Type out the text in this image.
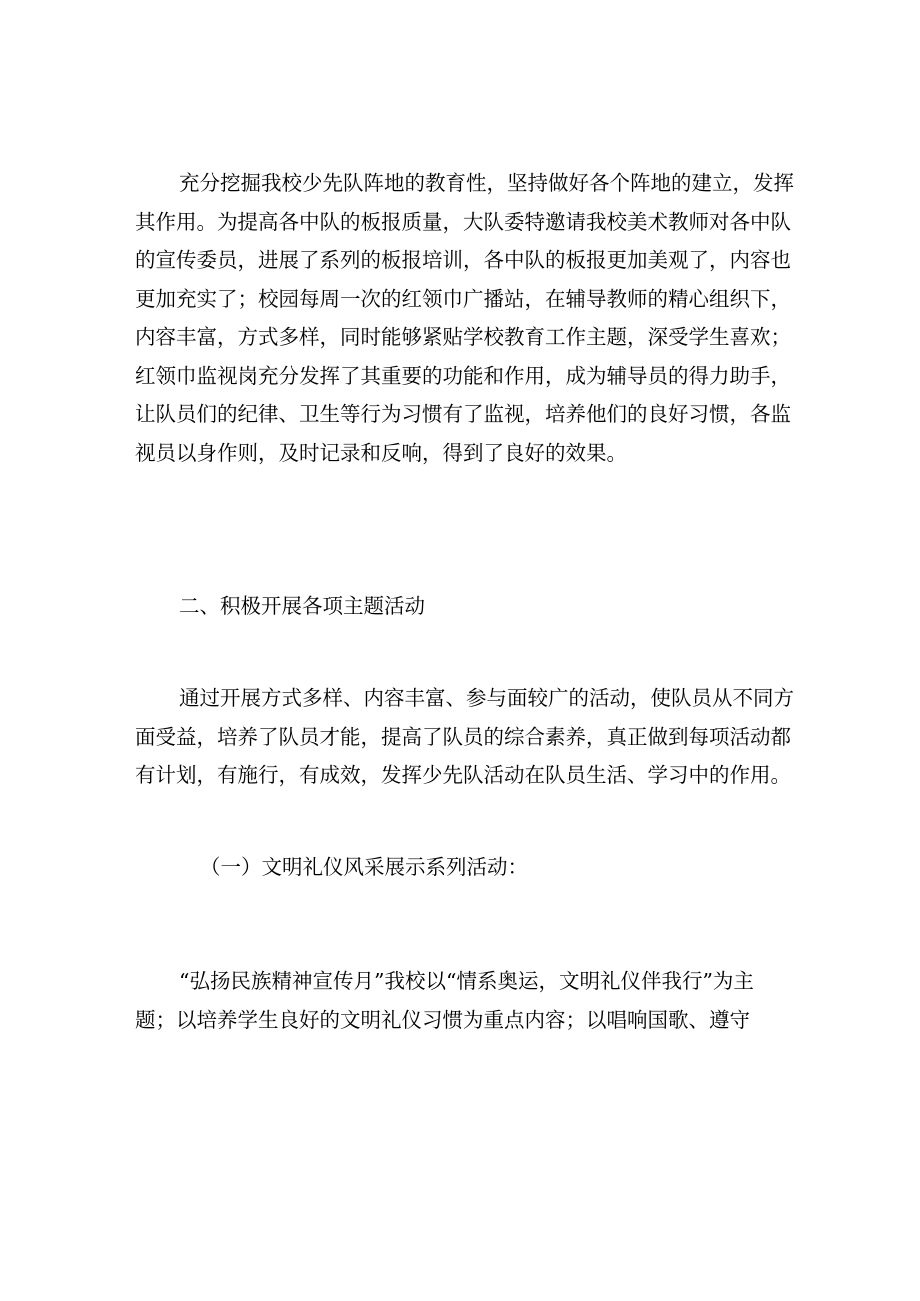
充分挖掘我校少先队阵地的教育性，坚持做好各个阵地的建立，发挥
其作用。为提高各中队的板报质量，大队委特邀请我校美术教师对各中队
的宣传委员，进展了系列的板报培训，各中队的板报更加美观了，内容也
更加充实了；校园每周一次的红领巾广播站，在辅导教师的精心组织下，
内容丰富，方式多样，同时能够紧贴学校教育工作主题，深受学生喜欢；
红领巾监视岗充分发挥了其重要的功能和作用，成为辅导员的得力助手，
让队员们的纪律、卫生等行为习惯有了监视，培养他们的良好习惯，各监
视员以身作则，及时记录和反响，得到了良好的效果。
二、积极开展各项主题活动
通过开展方式多样、内容丰富、参与面较广的活动，使队员从不同方
面受益，培养了队员才能，提高了队员的综合素养，真正做到每项活动都
有计划，有施行，有成效，发挥少先队活动在队员生活、学习中的作用。
（一）文明礼仪风采展示系列活动：
“弘扬民族精神宣传月”我校以“情系奥运，文明礼仪伴我行”为主
题；以培养学生良好的文明礼仪习惯为重点内容；以唱响国歌、遵守
